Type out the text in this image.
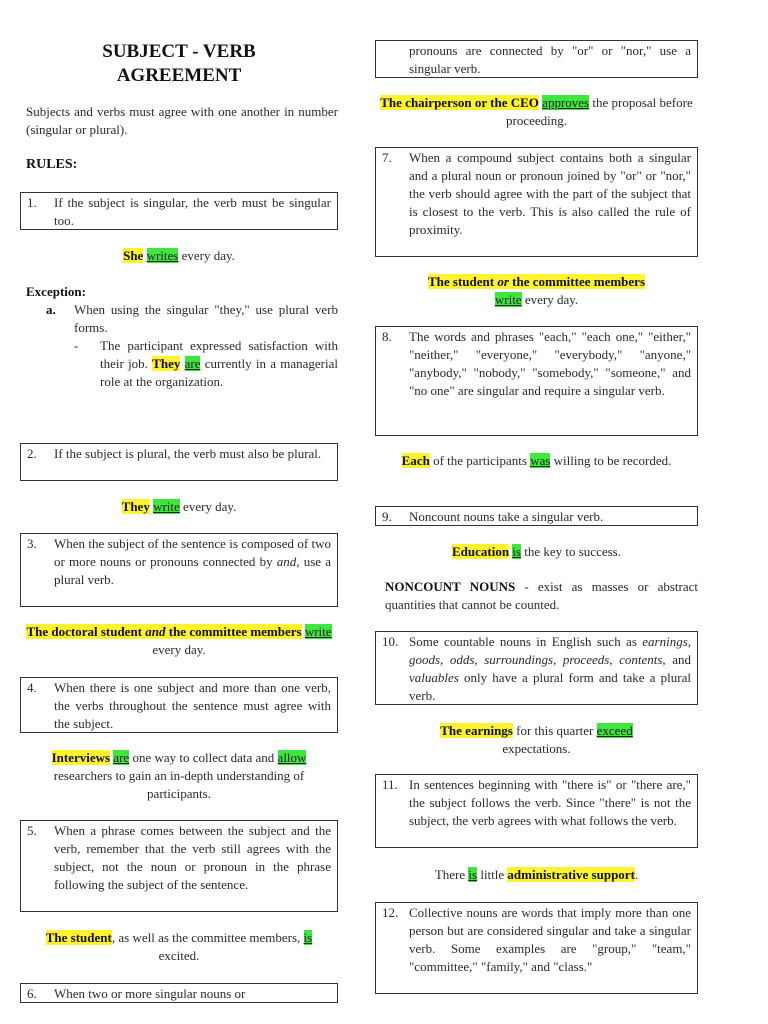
SUBJECT - VERB
AGREEMENT
Subjects and verbs must agree with one another in number (singular or plural).
RULES:
1.	If the subject is singular, the verb must be singular too.
She writes every day.
Exception:
a.	When using the singular "they," use plural verb forms.
-	The participant expressed satisfaction with their job. They are currently in a managerial role at the organization.
2.	If the subject is plural, the verb must also be plural.
They write every day.
3.	When the subject of the sentence is composed of two or more nouns or pronouns connected by and, use a plural verb.
The doctoral student and the committee members write every day.
4.	When there is one subject and more than one verb, the verbs throughout the sentence must agree with the subject.
Interviews are one way to collect data and allow researchers to gain an in-depth understanding of participants.
5.	When a phrase comes between the subject and the verb, remember that the verb still agrees with the subject, not the noun or pronoun in the phrase following the subject of the sentence.
The student, as well as the committee members, is excited.
6.	When two or more singular nouns or
pronouns are connected by "or" or "nor," use a singular verb.
The chairperson or the CEO approves the proposal before proceeding.
7.	When a compound subject contains both a singular and a plural noun or pronoun joined by "or" or "nor," the verb should agree with the part of the subject that is closest to the verb. This is also called the rule of proximity.
The student or the committee members write every day.
8.	The words and phrases "each," "each one," "either," "neither," "everyone," "everybody," "anyone," "anybody," "nobody," "somebody," "someone," and "no one" are singular and require a singular verb.
Each of the participants was willing to be recorded.
9.	Noncount nouns take a singular verb.
Education is the key to success.
NONCOUNT NOUNS - exist as masses or abstract quantities that cannot be counted.
10. Some countable nouns in English such as earnings, goods, odds, surroundings, proceeds, contents, and valuables only have a plural form and take a plural verb.
The earnings for this quarter exceed expectations.
11. In sentences beginning with "there is" or "there are," the subject follows the verb. Since "there" is not the subject, the verb agrees with what follows the verb.
There is little administrative support.
12. Collective nouns are words that imply more than one person but are considered singular and take a singular verb. Some examples are "group," "team," "committee," "family," and "class."
